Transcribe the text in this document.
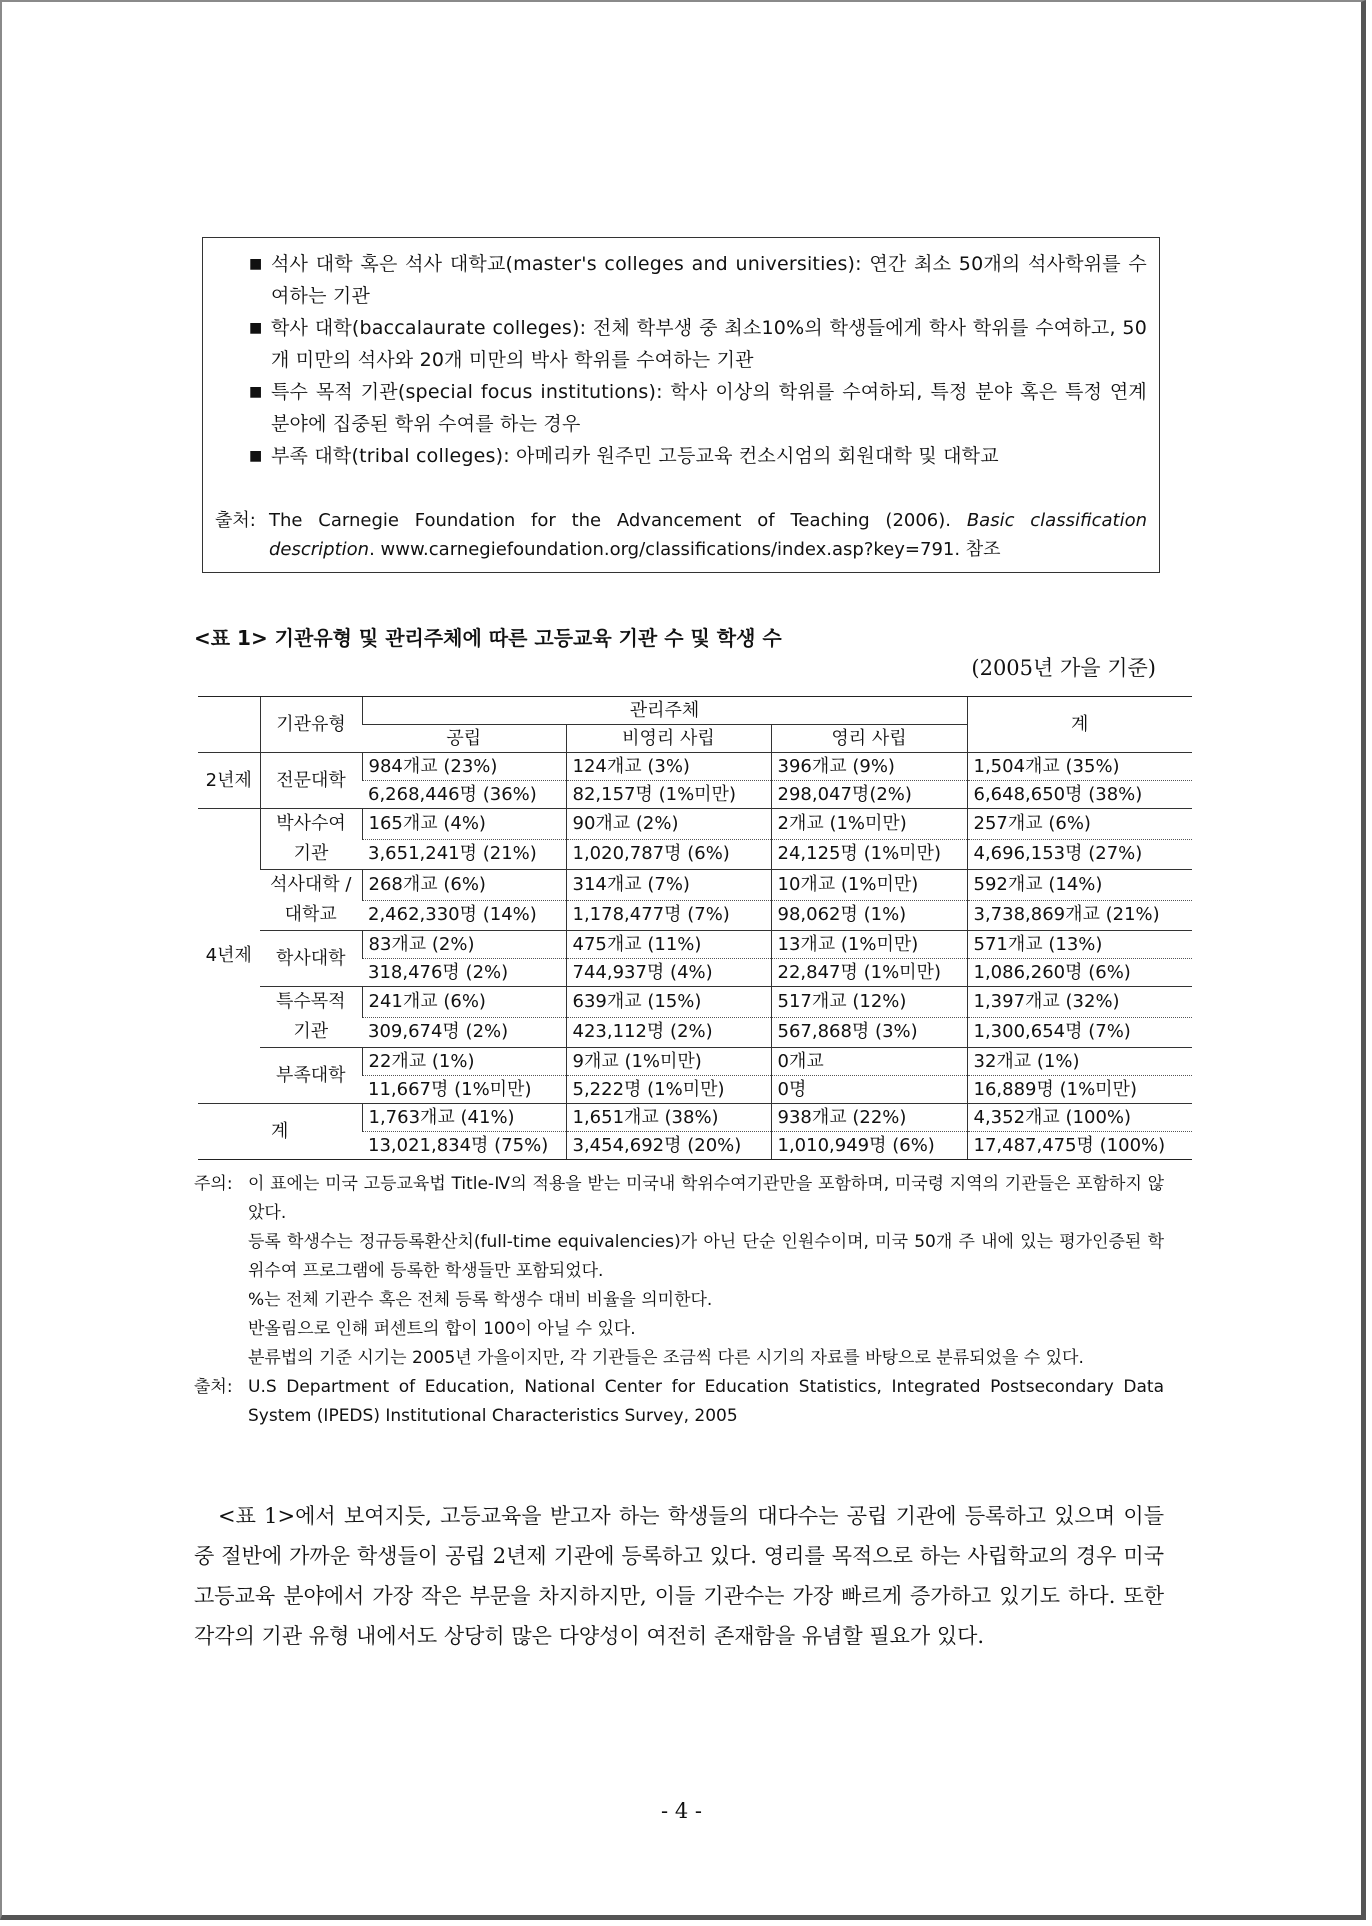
■ 석사 대학 혹은 석사 대학교(master's colleges and universities): 연간 최소 50개의 석사학위를 수여하는 기관
■ 학사 대학(baccalaurate colleges): 전체 학부생 중 최소10%의 학생들에게 학사 학위를 수여하고, 50개 미만의 석사와 20개 미만의 박사 학위를 수여하는 기관
■ 특수 목적 기관(special focus institutions): 학사 이상의 학위를 수여하되, 특정 분야 혹은 특정 연계 분야에 집중된 학위 수여를 하는 경우
■ 부족 대학(tribal colleges): 아메리카 원주민 고등교육 컨소시엄의 회원대학 및 대학교
출처: The Carnegie Foundation for the Advancement of Teaching (2006). Basic classification description. www.carnegiefoundation.org/classifications/index.asp?key=791. 참조
<표 1> 기관유형 및 관리주체에 따른 고등교육 기관 수 및 학생 수
(2005년 가을 기준)
	기관유형	관리주체			계
		공립	비영리 사립	영리 사립	
2년제	전문대학	984개교 (23%)	124개교 (3%)	396개교 (9%)	1,504개교 (35%)
		6,268,446명 (36%)	82,157명 (1%미만)	298,047명(2%)	6,648,650명 (38%)
4년제	박사수여 기관	165개교 (4%)	90개교 (2%)	2개교 (1%미만)	257개교 (6%)
		3,651,241명 (21%)	1,020,787명 (6%)	24,125명 (1%미만)	4,696,153명 (27%)
	석사대학 /대학교	268개교 (6%)	314개교 (7%)	10개교 (1%미만)	592개교 (14%)
		2,462,330명 (14%)	1,178,477명 (7%)	98,062명 (1%)	3,738,869개교 (21%)
	학사대학	83개교 (2%)	475개교 (11%)	13개교 (1%미만)	571개교 (13%)
		318,476명 (2%)	744,937명 (4%)	22,847명 (1%미만)	1,086,260명 (6%)
	특수목적 기관	241개교 (6%)	639개교 (15%)	517개교 (12%)	1,397개교 (32%)
		309,674명 (2%)	423,112명 (2%)	567,868명 (3%)	1,300,654명 (7%)
	부족대학	22개교 (1%)	9개교 (1%미만)	0개교	32개교 (1%)
		11,667명 (1%미만)	5,222명 (1%미만)	0명	16,889명 (1%미만)
계		1,763개교 (41%)	1,651개교 (38%)	938개교 (22%)	4,352개교 (100%)
		13,021,834명 (75%)	3,454,692명 (20%)	1,010,949명 (6%)	17,487,475명 (100%)
주의: 이 표에는 미국 고등교육법 Title-Ⅳ의 적용을 받는 미국내 학위수여기관만을 포함하며, 미국령 지역의 기관들은 포함하지 않았다.

등록 학생수는 정규등록환산치(full-time equivalencies)가 아닌 단순 인원수이며, 미국 50개 주 내에 있는 평가인증된 학위수여 프로그램에 등록한 학생들만 포함되었다.

%는 전체 기관수 혹은 전체 등록 학생수 대비 비율을 의미한다.

반올림으로 인해 퍼센트의 합이 100이 아닐 수 있다.

분류법의 기준 시기는 2005년 가을이지만, 각 기관들은 조금씩 다른 시기의 자료를 바탕으로 분류되었을 수 있다.

출처: U.S Department of Education, National Center for Education Statistics, Integrated Postsecondary Data System (IPEDS) Institutional Characteristics Survey, 2005
<표 1>에서 보여지듯, 고등교육을 받고자 하는 학생들의 대다수는 공립 기관에 등록하고 있으며 이들 중 절반에 가까운 학생들이 공립 2년제 기관에 등록하고 있다. 영리를 목적으로 하는 사립학교의 경우 미국 고등교육 분야에서 가장 작은 부문을 차지하지만, 이들 기관수는 가장 빠르게 증가하고 있기도 하다. 또한 각각의 기관 유형 내에서도 상당히 많은 다양성이 여전히 존재함을 유념할 필요가 있다.
- 4 -
